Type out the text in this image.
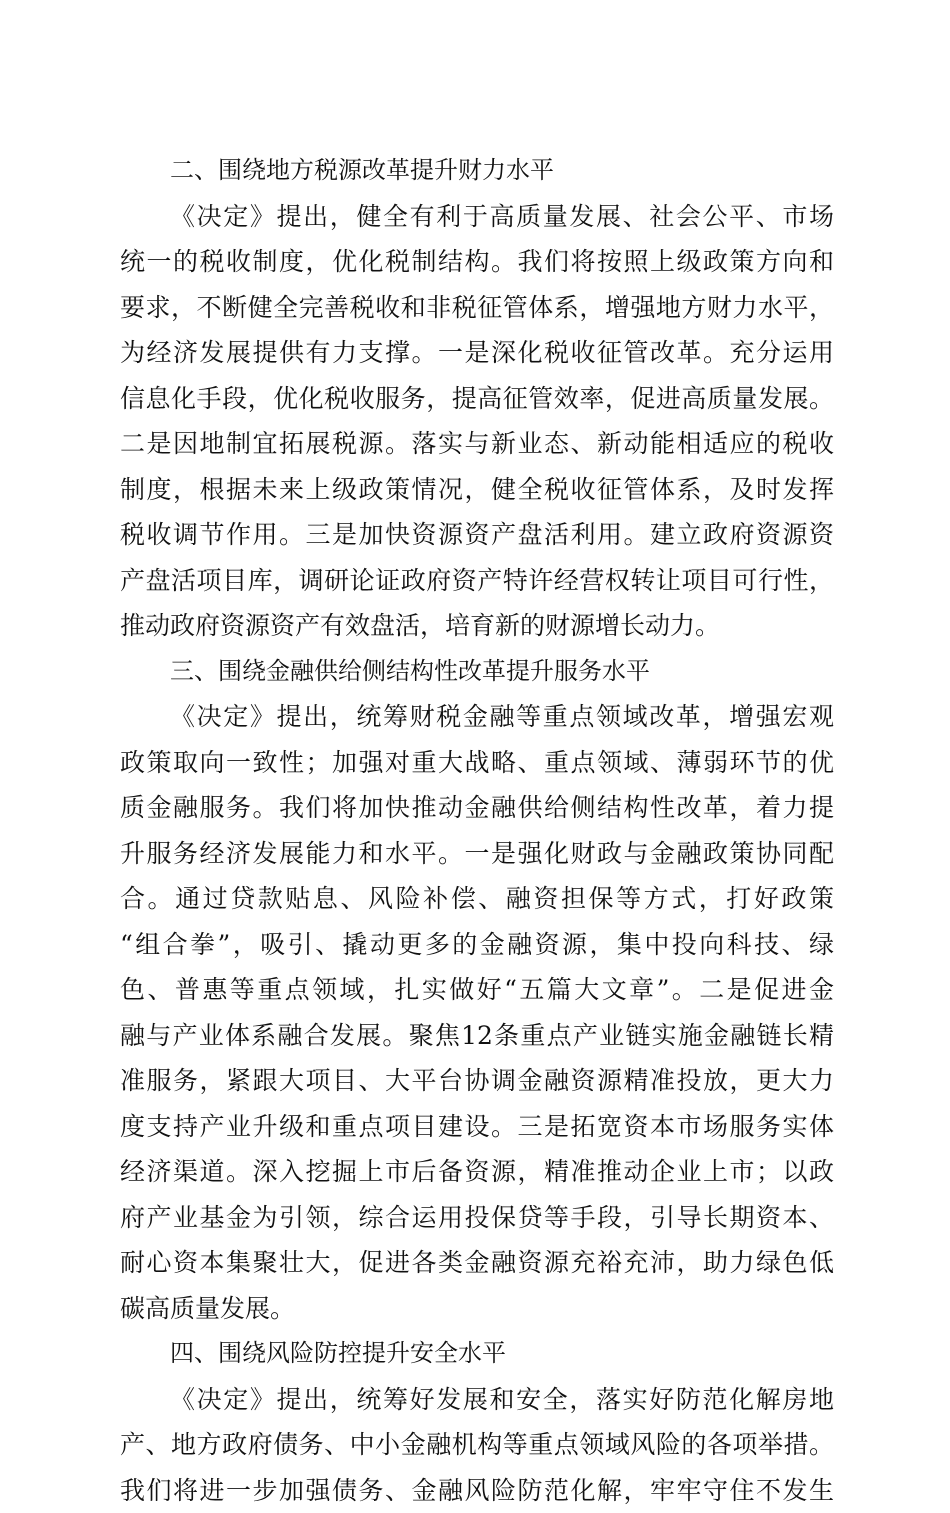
二、围绕地方税源改革提升财力水平
《决定》提出，健全有利于高质量发展、社会公平、市场
统一的税收制度，优化税制结构。我们将按照上级政策方向和
要求，不断健全完善税收和非税征管体系，增强地方财力水平，
为经济发展提供有力支撑。一是深化税收征管改革。充分运用
信息化手段，优化税收服务，提高征管效率，促进高质量发展。
二是因地制宜拓展税源。落实与新业态、新动能相适应的税收
制度，根据未来上级政策情况，健全税收征管体系，及时发挥
税收调节作用。三是加快资源资产盘活利用。建立政府资源资
产盘活项目库，调研论证政府资产特许经营权转让项目可行性，
推动政府资源资产有效盘活，培育新的财源增长动力。
三、围绕金融供给侧结构性改革提升服务水平
《决定》提出，统筹财税金融等重点领域改革，增强宏观
政策取向一致性；加强对重大战略、重点领域、薄弱环节的优
质金融服务。我们将加快推动金融供给侧结构性改革，着力提
升服务经济发展能力和水平。一是强化财政与金融政策协同配
合。通过贷款贴息、风险补偿、融资担保等方式，打好政策
“组合拳”，吸引、撬动更多的金融资源，集中投向科技、绿
色、普惠等重点领域，扎实做好“五篇大文章”。二是促进金
融与产业体系融合发展。聚焦12条重点产业链实施金融链长精
准服务，紧跟大项目、大平台协调金融资源精准投放，更大力
度支持产业升级和重点项目建设。三是拓宽资本市场服务实体
经济渠道。深入挖掘上市后备资源，精准推动企业上市；以政
府产业基金为引领，综合运用投保贷等手段，引导长期资本、
耐心资本集聚壮大，促进各类金融资源充裕充沛，助力绿色低
碳高质量发展。
四、围绕风险防控提升安全水平
《决定》提出，统筹好发展和安全，落实好防范化解房地
产、地方政府债务、中小金融机构等重点领域风险的各项举措。
我们将进一步加强债务、金融风险防范化解，牢牢守住不发生
